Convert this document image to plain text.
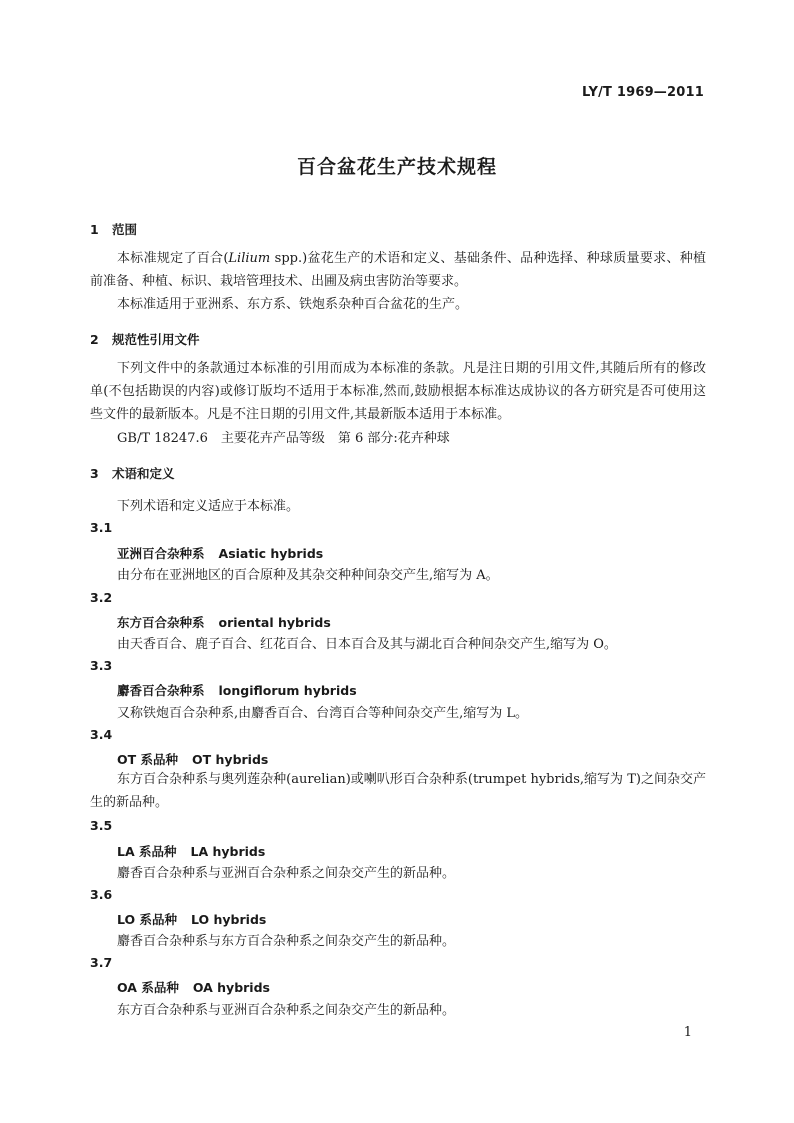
LY/T 1969—2011
百合盆花生产技术规程
1 范围
本标准规定了百合(Lilium spp.)盆花生产的术语和定义、基础条件、品种选择、种球质量要求、种植前准备、种植、标识、栽培管理技术、出圃及病虫害防治等要求。
本标准适用于亚洲系、东方系、铁炮系杂种百合盆花的生产。
2 规范性引用文件
下列文件中的条款通过本标准的引用而成为本标准的条款。凡是注日期的引用文件,其随后所有的修改单(不包括勘误的内容)或修订版均不适用于本标准,然而,鼓励根据本标准达成协议的各方研究是否可使用这些文件的最新版本。凡是不注日期的引用文件,其最新版本适用于本标准。
GB/T 18247.6　主要花卉产品等级　第 6 部分:花卉种球
3 术语和定义
下列术语和定义适应于本标准。
3.1
亚洲百合杂种系 Asiatic hybrids
由分布在亚洲地区的百合原种及其杂交种种间杂交产生,缩写为 A。
3.2
东方百合杂种系 oriental hybrids
由天香百合、鹿子百合、红花百合、日本百合及其与湖北百合种间杂交产生,缩写为 O。
3.3
麝香百合杂种系 longiflorum hybrids
又称铁炮百合杂种系,由麝香百合、台湾百合等种间杂交产生,缩写为 L。
3.4
OT 系品种 OT hybrids
东方百合杂种系与奥列莲杂种(aurelian)或喇叭形百合杂种系(trumpet hybrids,缩写为 T)之间杂交产生的新品种。
3.5
LA 系品种 LA hybrids
麝香百合杂种系与亚洲百合杂种系之间杂交产生的新品种。
3.6
LO 系品种 LO hybrids
麝香百合杂种系与东方百合杂种系之间杂交产生的新品种。
3.7
OA 系品种 OA hybrids
东方百合杂种系与亚洲百合杂种系之间杂交产生的新品种。
1
